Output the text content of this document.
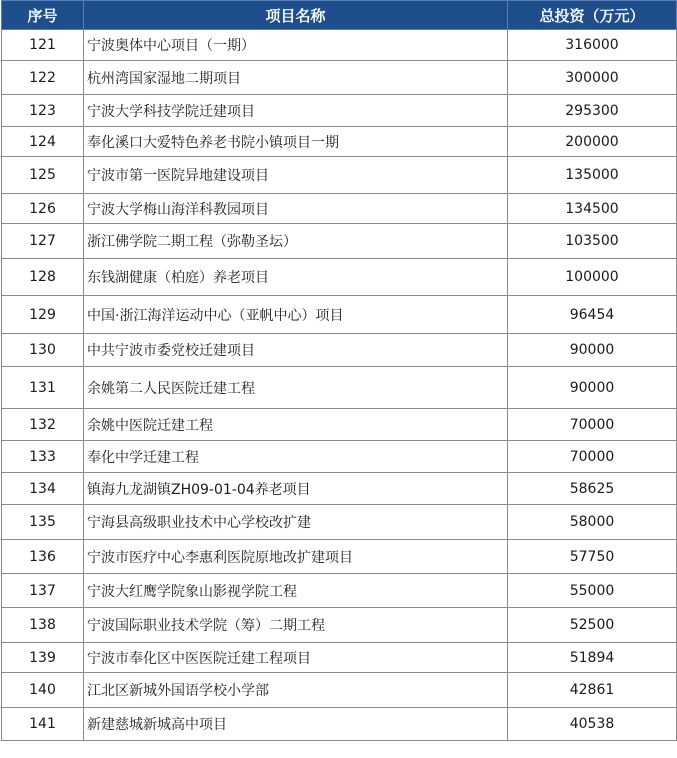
序号	项目名称	总投资（万元）
121	宁波奥体中心项目（一期）	316000
122	杭州湾国家湿地二期项目	300000
123	宁波大学科技学院迁建项目	295300
124	奉化溪口大爱特色养老书院小镇项目一期	200000
125	宁波市第一医院异地建设项目	135000
126	宁波大学梅山海洋科教园项目	134500
127	浙江佛学院二期工程（弥勒圣坛）	103500
128	东钱湖健康（柏庭）养老项目	100000
129	中国·浙江海洋运动中心（亚帆中心）项目	96454
130	中共宁波市委党校迁建项目	90000
131	余姚第二人民医院迁建工程	90000
132	余姚中医院迁建工程	70000
133	奉化中学迁建工程	70000
134	镇海九龙湖镇ZH09-01-04养老项目	58625
135	宁海县高级职业技术中心学校改扩建	58000
136	宁波市医疗中心李惠利医院原地改扩建项目	57750
137	宁波大红鹰学院象山影视学院工程	55000
138	宁波国际职业技术学院（筹）二期工程	52500
139	宁波市奉化区中医医院迁建工程项目	51894
140	江北区新城外国语学校小学部	42861
141	新建慈城新城高中项目	40538
